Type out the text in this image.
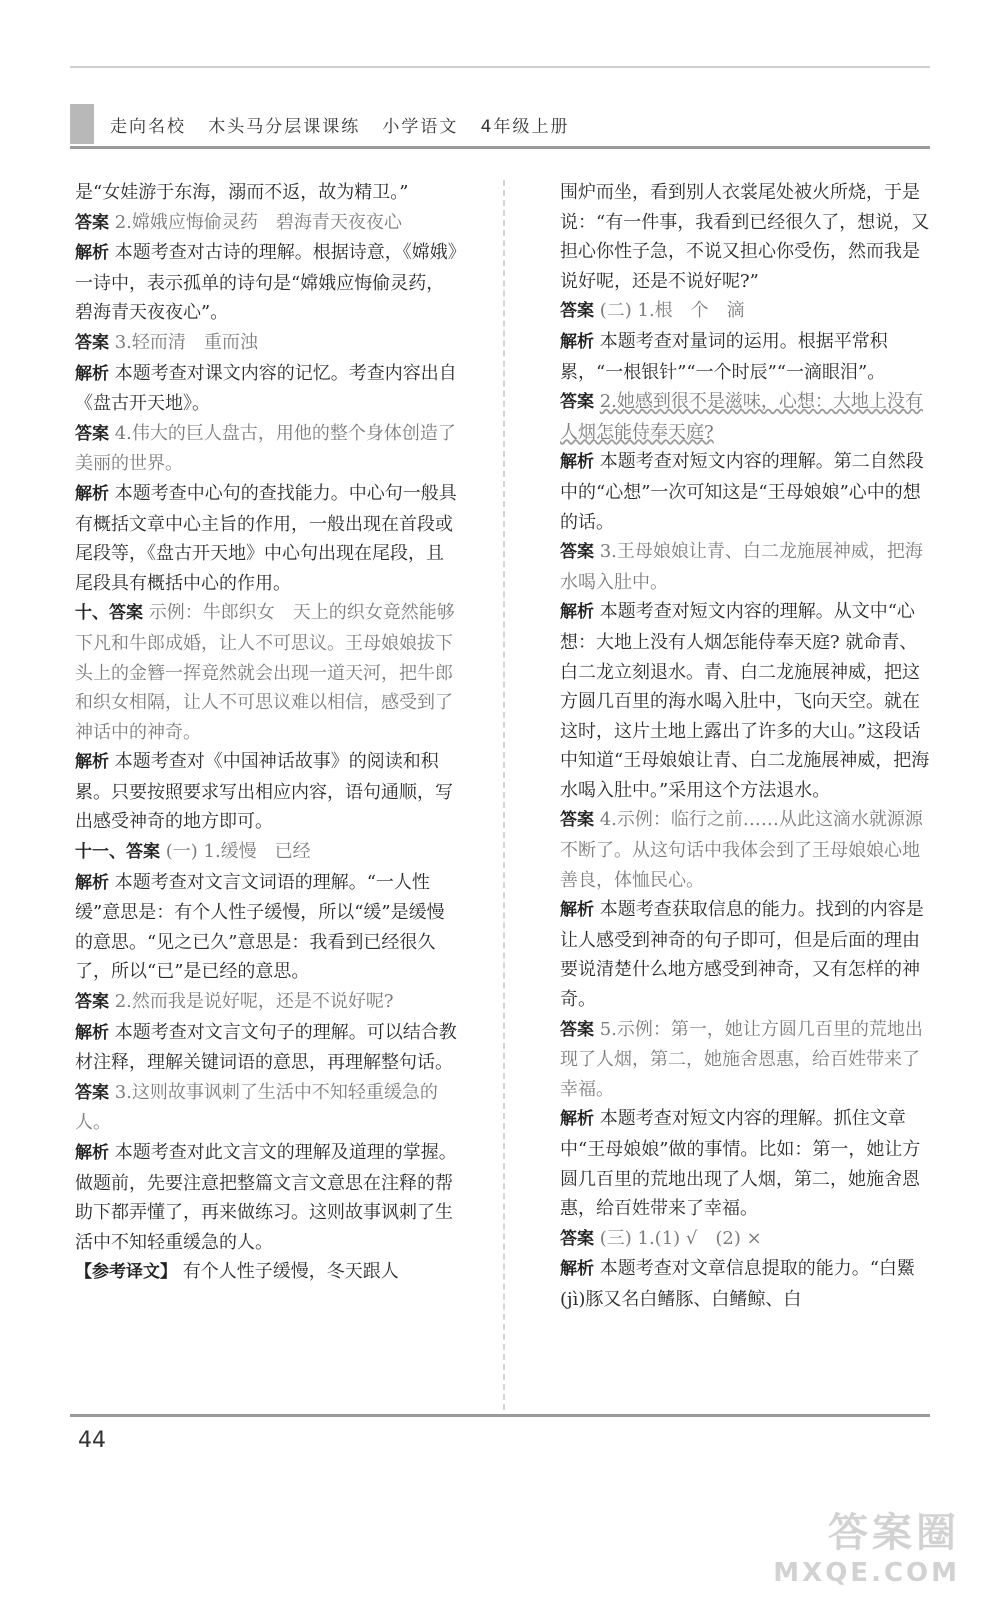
走向名校   木头马分层课课练   小学语文   4年级上册

是“女娃游于东海，溺而不返，故为精卫。”

答案 2.嫦娥应悔偷灵药　碧海青天夜夜心

解析 本题考查对古诗的理解。根据诗意，《嫦娥》一诗中，表示孤单的诗句是“嫦娥应悔偷灵药，碧海青天夜夜心”。

答案 3.轻而清　重而浊

解析 本题考查对课文内容的记忆。考查内容出自《盘古开天地》。

答案 4.伟大的巨人盘古，用他的整个身体创造了美丽的世界。

解析 本题考查中心句的查找能力。中心句一般具有概括文章中心主旨的作用，一般出现在首段或尾段等，《盘古开天地》中心句出现在尾段，且尾段具有概括中心的作用。

十、答案 示例：牛郎织女　天上的织女竟然能够下凡和牛郎成婚，让人不可思议。王母娘娘拔下头上的金簪一挥竟然就会出现一道天河，把牛郎和织女相隔，让人不可思议难以相信，感受到了神话中的神奇。

解析 本题考查对《中国神话故事》的阅读和积累。只要按照要求写出相应内容，语句通顺，写出感受神奇的地方即可。

十一、答案 (一) 1.缓慢　已经

解析 本题考查对文言文词语的理解。“一人性缓”意思是：有个人性子缓慢，所以“缓”是缓慢的意思。“见之已久”意思是：我看到已经很久了，所以“已”是已经的意思。

答案 2.然而我是说好呢，还是不说好呢?

解析 本题考查对文言文句子的理解。可以结合教材注释，理解关键词语的意思，再理解整句话。

答案 3.这则故事讽刺了生活中不知轻重缓急的人。

解析 本题考查对此文言文的理解及道理的掌握。做题前，先要注意把整篇文言文意思在注释的帮助下都弄懂了，再来做练习。这则故事讽刺了生活中不知轻重缓急的人。

【参考译文】 有个人性子缓慢，冬天跟人

围炉而坐，看到别人衣裳尾处被火所烧，于是说：“有一件事，我看到已经很久了，想说，又担心你性子急，不说又担心你受伤，然而我是说好呢，还是不说好呢?”

答案 (二) 1.根　个　滴

解析 本题考查对量词的运用。根据平常积累，“一根银针”“一个时辰”“一滴眼泪”。

答案 2.她感到很不是滋味，心想：大地上没有人烟怎能侍奉天庭?

解析 本题考查对短文内容的理解。第二自然段中的“心想”一次可知这是“王母娘娘”心中的想的话。

答案 3.王母娘娘让青、白二龙施展神威，把海水喝入肚中。

解析 本题考查对短文内容的理解。从文中“心想：大地上没有人烟怎能侍奉天庭? 就命青、白二龙立刻退水。青、白二龙施展神威，把这方圆几百里的海水喝入肚中，飞向天空。就在这时，这片土地上露出了许多的大山。”这段话中知道“王母娘娘让青、白二龙施展神威，把海水喝入肚中。”采用这个方法退水。

答案 4.示例：临行之前……从此这滴水就源源不断了。从这句话中我体会到了王母娘娘心地善良，体恤民心。

解析 本题考查获取信息的能力。找到的内容是让人感受到神奇的句子即可，但是后面的理由要说清楚什么地方感受到神奇，又有怎样的神奇。

答案 5.示例：第一，她让方圆几百里的荒地出现了人烟，第二，她施舍恩惠，给百姓带来了幸福。

解析 本题考查对短文内容的理解。抓住文章中“王母娘娘”做的事情。比如：第一，她让方圆几百里的荒地出现了人烟，第二，她施舍恩惠，给百姓带来了幸福。

答案 (三) 1.(1) √　(2) ×

解析 本题考查对文章信息提取的能力。“白鱀(jì)豚又名白鳍豚、白鳍鲸、白

44
答案圈
MXQE.COM
